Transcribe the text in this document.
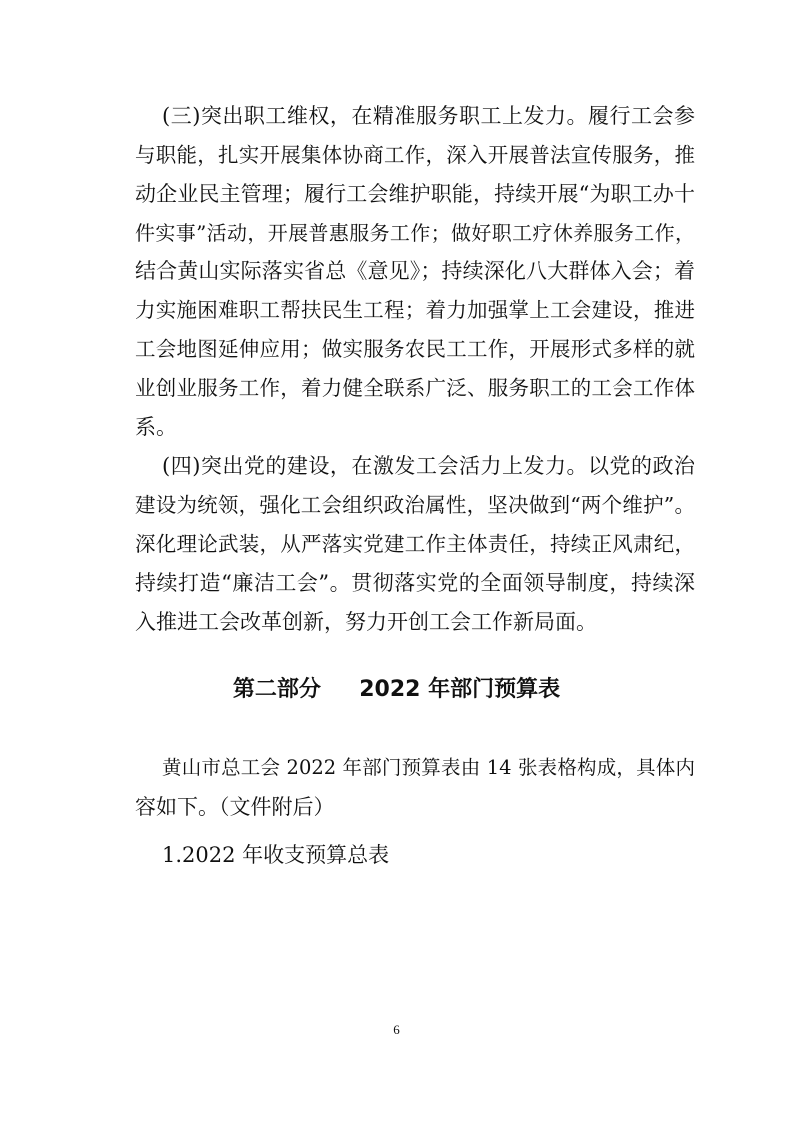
(三)突出职工维权，在精准服务职工上发力。履行工会参
与职能，扎实开展集体协商工作，深入开展普法宣传服务，推
动企业民主管理；履行工会维护职能，持续开展“为职工办十
件实事”活动，开展普惠服务工作；做好职工疗休养服务工作，
结合黄山实际落实省总《意见》；持续深化八大群体入会；着
力实施困难职工帮扶民生工程；着力加强掌上工会建设，推进
工会地图延伸应用；做实服务农民工工作，开展形式多样的就
业创业服务工作，着力健全联系广泛、服务职工的工会工作体
系。
(四)突出党的建设，在激发工会活力上发力。以党的政治
建设为统领，强化工会组织政治属性，坚决做到“两个维护”。
深化理论武装，从严落实党建工作主体责任，持续正风肃纪，
持续打造“廉洁工会”。贯彻落实党的全面领导制度，持续深
入推进工会改革创新，努力开创工会工作新局面。
第二部分     2022 年部门预算表
黄山市总工会 2022 年部门预算表由 14 张表格构成，具体内
容如下。（文件附后）
1.2022 年收支预算总表
6
